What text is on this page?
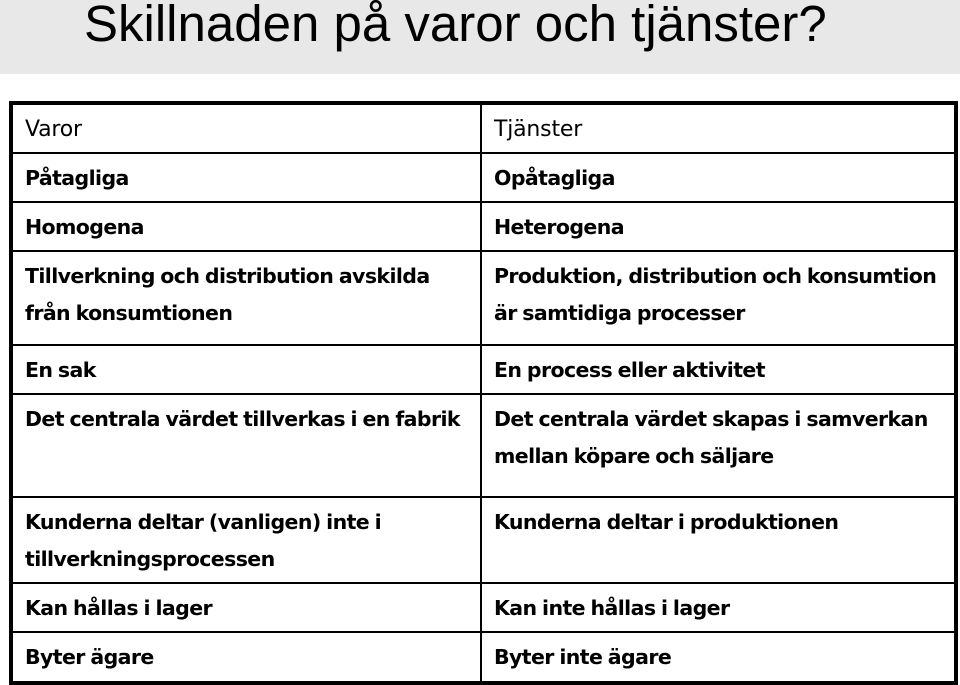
Skillnaden på varor och tjänster?
Varor	Tjänster
Påtagliga	Opåtagliga
Homogena	Heterogena
Tillverkning och distribution avskilda från konsumtionen	Produktion, distribution och konsumtion är samtidiga processer
En sak	En process eller aktivitet
Det centrala värdet tillverkas i en fabrik	Det centrala värdet skapas i samverkan mellan köpare och säljare
Kunderna deltar (vanligen) inte i tillverkningsprocessen	Kunderna deltar i produktionen
Kan hållas i lager	Kan inte hållas i lager
Byter ägare	Byter inte ägare
